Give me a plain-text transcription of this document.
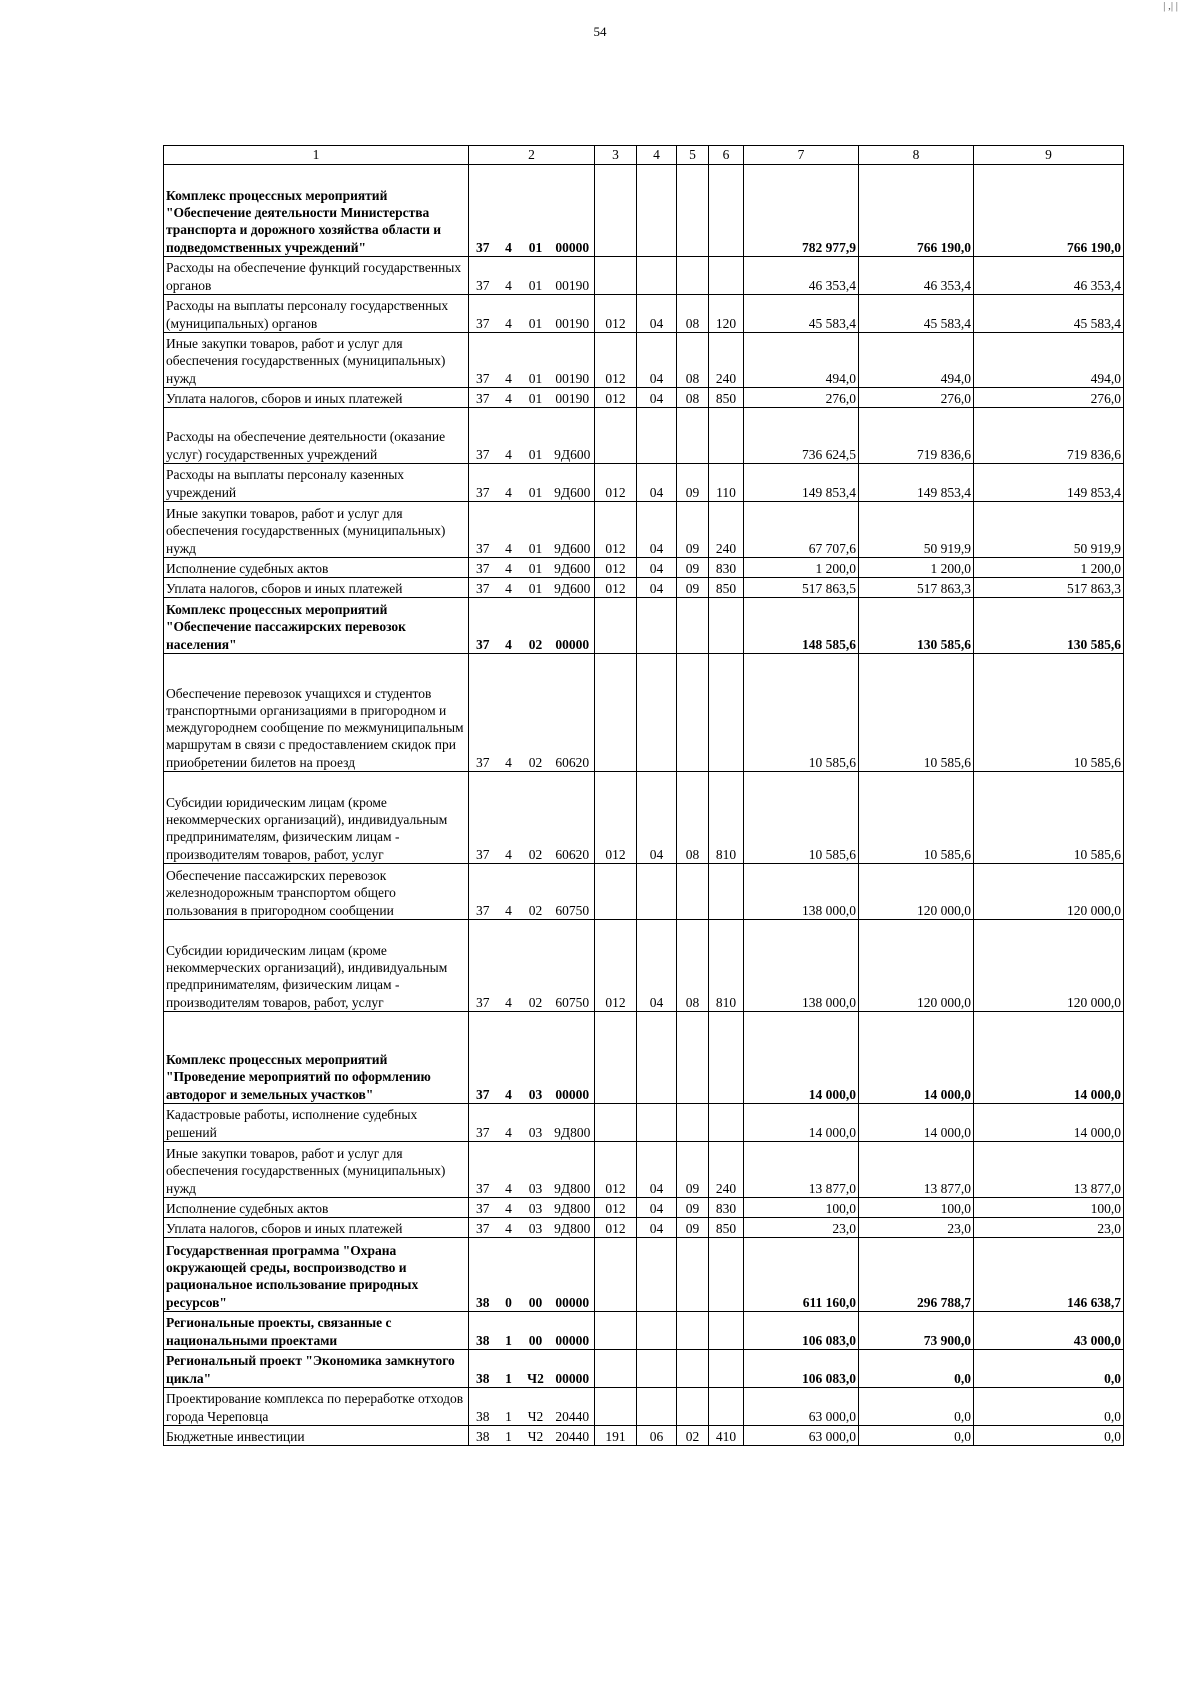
54
| ,| |
1	2				3	4	5	6	7	8	9
Комплекс процессных мероприятий "Обеспечение деятельности Министерства транспорта и дорожного хозяйства области и подведомственных учреждений"	37	4	01	00000					782 977,9	766 190,0	766 190,0
Расходы на обеспечение функций государственных органов	37	4	01	00190					46 353,4	46 353,4	46 353,4
Расходы на выплаты персоналу государственных (муниципальных) органов	37	4	01	00190	012	04	08	120	45 583,4	45 583,4	45 583,4
Иные закупки товаров, работ и услуг для обеспечения государственных (муниципальных) нужд	37	4	01	00190	012	04	08	240	494,0	494,0	494,0
Уплата налогов, сборов и иных платежей	37	4	01	00190	012	04	08	850	276,0	276,0	276,0
Расходы на обеспечение деятельности (оказание услуг) государственных учреждений	37	4	01	9Д600					736 624,5	719 836,6	719 836,6
Расходы на выплаты персоналу казенных учреждений	37	4	01	9Д600	012	04	09	110	149 853,4	149 853,4	149 853,4
Иные закупки товаров, работ и услуг для обеспечения государственных (муниципальных) нужд	37	4	01	9Д600	012	04	09	240	67 707,6	50 919,9	50 919,9
Исполнение судебных актов	37	4	01	9Д600	012	04	09	830	1 200,0	1 200,0	1 200,0
Уплата налогов, сборов и иных платежей	37	4	01	9Д600	012	04	09	850	517 863,5	517 863,3	517 863,3
Комплекс процессных мероприятий "Обеспечение пассажирских перевозок населения"	37	4	02	00000					148 585,6	130 585,6	130 585,6
Обеспечение перевозок учащихся и студентов транспортными организациями в пригородном и междугороднем сообщение по межмуниципальным маршрутам в связи с предоставлением скидок при приобретении билетов на проезд	37	4	02	60620					10 585,6	10 585,6	10 585,6
Субсидии юридическим лицам (кроме некоммерческих организаций), индивидуальным предпринимателям, физическим лицам - производителям товаров, работ, услуг	37	4	02	60620	012	04	08	810	10 585,6	10 585,6	10 585,6
Обеспечение пассажирских перевозок железнодорожным транспортом общего пользования в пригородном сообщении	37	4	02	60750					138 000,0	120 000,0	120 000,0
Субсидии юридическим лицам (кроме некоммерческих организаций), индивидуальным предпринимателям, физическим лицам - производителям товаров, работ, услуг	37	4	02	60750	012	04	08	810	138 000,0	120 000,0	120 000,0
Комплекс процессных мероприятий "Проведение мероприятий по оформлению автодорог и земельных участков"	37	4	03	00000					14 000,0	14 000,0	14 000,0
Кадастровые работы, исполнение судебных решений	37	4	03	9Д800					14 000,0	14 000,0	14 000,0
Иные закупки товаров, работ и услуг для обеспечения государственных (муниципальных) нужд	37	4	03	9Д800	012	04	09	240	13 877,0	13 877,0	13 877,0
Исполнение судебных актов	37	4	03	9Д800	012	04	09	830	100,0	100,0	100,0
Уплата налогов, сборов и иных платежей	37	4	03	9Д800	012	04	09	850	23,0	23,0	23,0
Государственная программа "Охрана окружающей среды, воспроизводство и рациональное использование природных ресурсов"	38	0	00	00000					611 160,0	296 788,7	146 638,7
Региональные проекты, связанные с национальными проектами	38	1	00	00000					106 083,0	73 900,0	43 000,0
Региональный проект "Экономика замкнутого цикла"	38	1	Ч2	00000					106 083,0	0,0	0,0
Проектирование комплекса по переработке отходов города Череповца	38	1	Ч2	20440					63 000,0	0,0	0,0
Бюджетные инвестиции	38	1	Ч2	20440	191	06	02	410	63 000,0	0,0	0,0
